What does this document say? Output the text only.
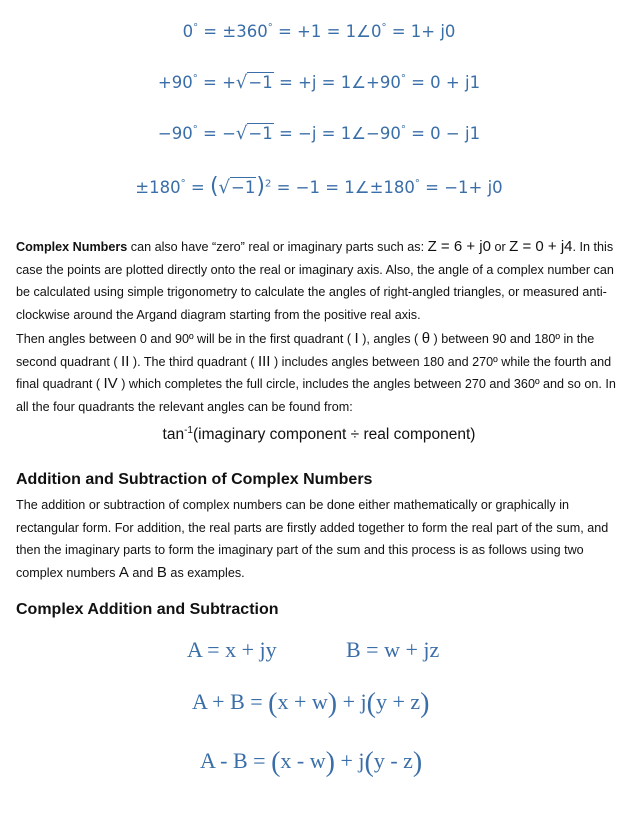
0° = ±360° = +1 = 1∠0° = 1+ j0
+90° = +√−1 = +j = 1∠+90° = 0 + j1
−90° = −√−1 = −j = 1∠−90° = 0 − j1
$\pm 180^\circ = (√-1)^2 = -1$ = 1∠±180° = −1+ j0
Complex Numbers can also have “zero” real or imaginary parts such as: Z = 6 + j0 or Z = 0 + j4. In this case the points are plotted directly onto the real or imaginary axis. Also, the angle of a complex number can be calculated using simple trigonometry to calculate the angles of right-angled triangles, or measured anti-clockwise around the Argand diagram starting from the positive real axis.
Then angles between 0 and 90º will be in the first quadrant ( I ), angles ( θ ) between 90 and 180º in the second quadrant ( II ). The third quadrant ( III ) includes angles between 180 and 270º while the fourth and final quadrant ( IV ) which completes the full circle, includes the angles between 270 and 360º and so on. In all the four quadrants the relevant angles can be found from:
$\tan^{-1}(imaginary$ component ÷ real component)
Addition and Subtraction of Complex Numbers
The addition or subtraction of complex numbers can be done either mathematically or graphically in rectangular form. For addition, the real parts are firstly added together to form the real part of the sum, and then the imaginary parts to form the imaginary part of the sum and this process is as follows using two complex numbers A and B as examples.
Complex Addition and Subtraction
A = x + jy	B = w + jz
A + B = (x + w) + j(y + z)
A - B = (x - w) + j(y - z)
